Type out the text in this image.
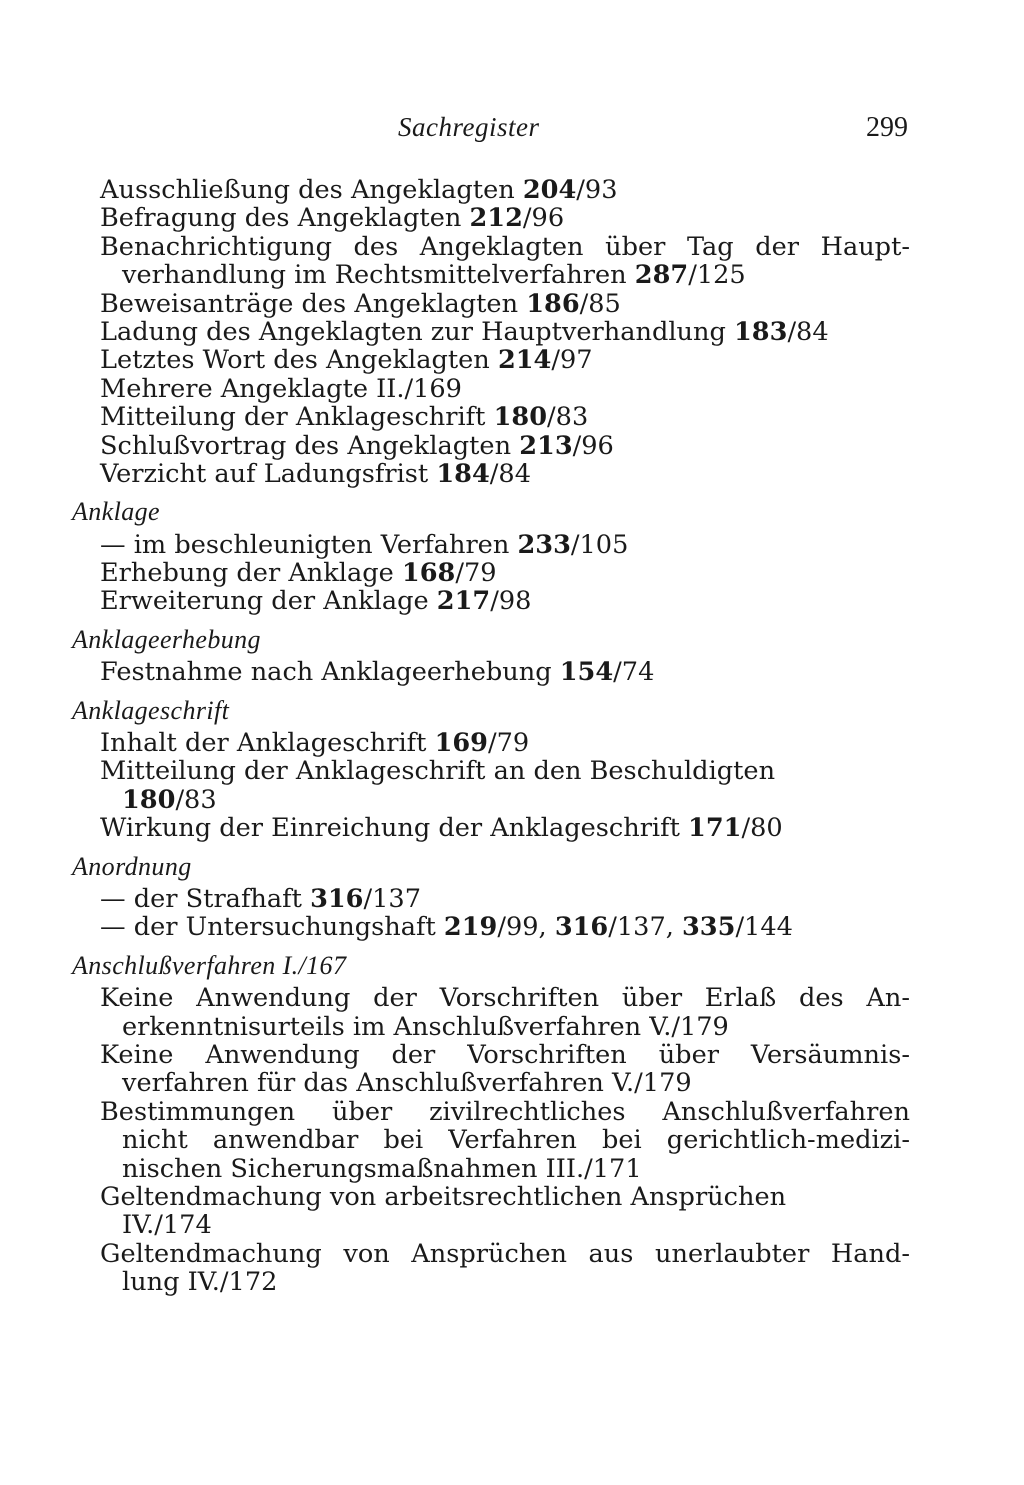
Sachregister	299
Ausschließung des Angeklagten 204/93
Befragung des Angeklagten 212/96
Benachrichtigung des Angeklagten über Tag der Haupt-
verhandlung im Rechtsmittelverfahren 287/125
Beweisanträge des Angeklagten 186/85
Ladung des Angeklagten zur Hauptverhandlung 183/84
Letztes Wort des Angeklagten 214/97
Mehrere Angeklagte II./169
Mitteilung der Anklageschrift 180/83
Schlußvortrag des Angeklagten 213/96
Verzicht auf Ladungsfrist 184/84
Anklage
— im beschleunigten Verfahren 233/105
Erhebung der Anklage 168/79
Erweiterung der Anklage 217/98
Anklageerhebung
Festnahme nach Anklageerhebung 154/74
Anklageschrift
Inhalt der Anklageschrift 169/79
Mitteilung der Anklageschrift an den Beschuldigten
180/83
Wirkung der Einreichung der Anklageschrift 171/80
Anordnung
— der Strafhaft 316/137
— der Untersuchungshaft 219/99, 316/137, 335/144
Anschlußverfahren I./167
Keine Anwendung der Vorschriften über Erlaß des An-
erkenntnisurteils im Anschlußverfahren V./179
Keine Anwendung der Vorschriften über Versäumnis-
verfahren für das Anschlußverfahren V./179
Bestimmungen über zivilrechtliches Anschlußverfahren
nicht anwendbar bei Verfahren bei gerichtlich-medizi-
nischen Sicherungsmaßnahmen III./171
Geltendmachung von arbeitsrechtlichen Ansprüchen
IV./174
Geltendmachung von Ansprüchen aus unerlaubter Hand-
lung IV./172
